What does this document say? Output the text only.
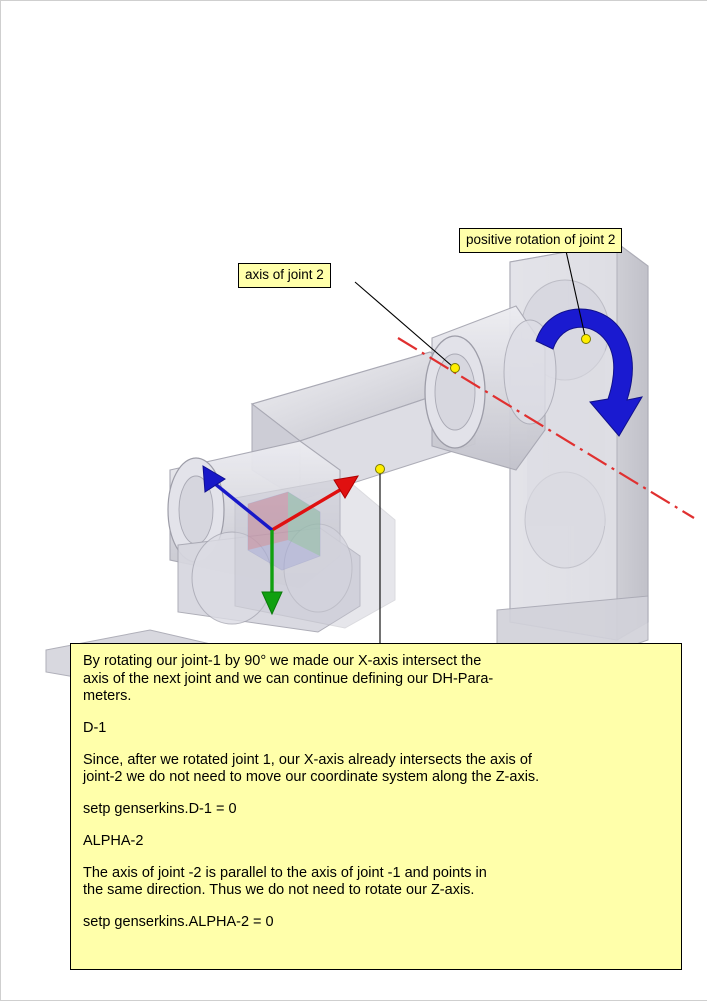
axis of joint 2
positive rotation of joint 2

By rotating our joint-1 by 90° we made our X-axis intersect the
axis of the next joint and we can continue defining our DH-Para-
meters.

D-1

Since, after we rotated joint 1, our X-axis already intersects the axis of
joint-2 we do not need to move our coordinate system along the Z-axis.

setp genserkins.D-1 = 0

ALPHA-2

The axis of joint -2 is parallel to the axis of joint -1 and points in
the same direction. Thus we do not need to rotate our Z-axis.

setp genserkins.ALPHA-2 = 0
